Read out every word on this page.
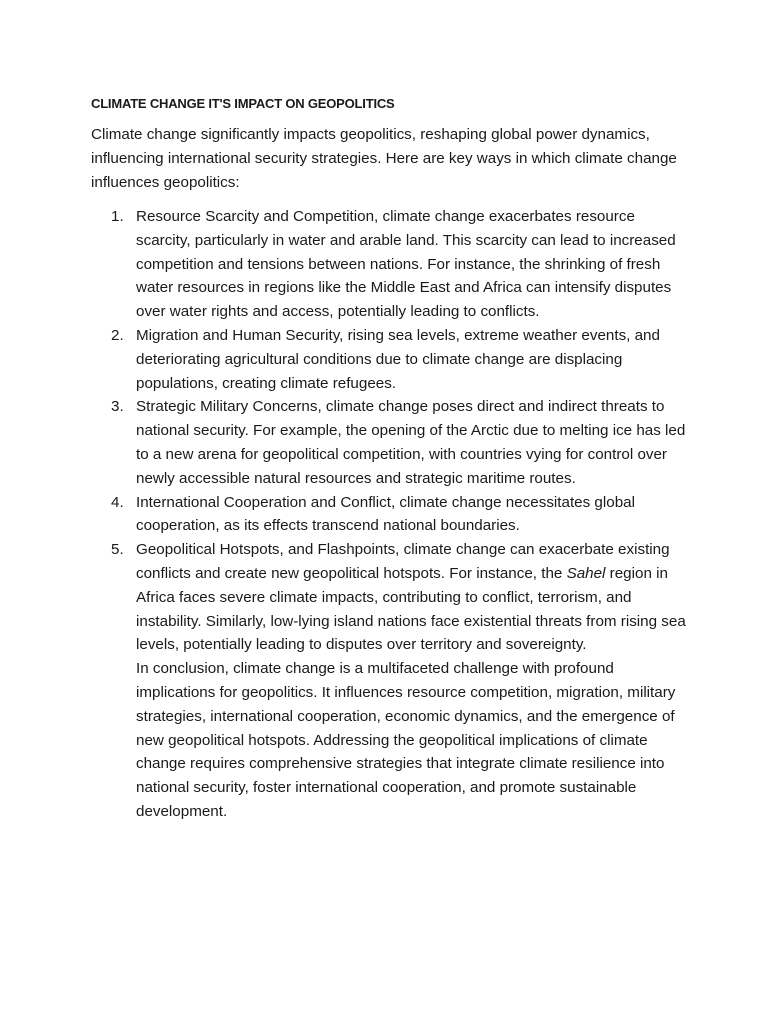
CLIMATE CHANGE IT'S IMPACT ON GEOPOLITICS

Climate change significantly impacts geopolitics, reshaping global power dynamics, influencing international security strategies. Here are key ways in which climate change influences geopolitics:

1. Resource Scarcity and Competition, climate change exacerbates resource scarcity, particularly in water and arable land. This scarcity can lead to increased competition and tensions between nations. For instance, the shrinking of fresh water resources in regions like the Middle East and Africa can intensify disputes over water rights and access, potentially leading to conflicts.
2. Migration and Human Security, rising sea levels, extreme weather events, and deteriorating agricultural conditions due to climate change are displacing populations, creating climate refugees.
3. Strategic Military Concerns, climate change poses direct and indirect threats to national security. For example, the opening of the Arctic due to melting ice has led to a new arena for geopolitical competition, with countries vying for control over newly accessible natural resources and strategic maritime routes.
4. International Cooperation and Conflict, climate change necessitates global cooperation, as its effects transcend national boundaries.
5. Geopolitical Hotspots, and Flashpoints, climate change can exacerbate existing conflicts and create new geopolitical hotspots. For instance, the Sahel region in Africa faces severe climate impacts, contributing to conflict, terrorism, and instability. Similarly, low-lying island nations face existential threats from rising sea levels, potentially leading to disputes over territory and sovereignty.
In conclusion, climate change is a multifaceted challenge with profound implications for geopolitics. It influences resource competition, migration, military strategies, international cooperation, economic dynamics, and the emergence of new geopolitical hotspots. Addressing the geopolitical implications of climate change requires comprehensive strategies that integrate climate resilience into national security, foster international cooperation, and promote sustainable development.
